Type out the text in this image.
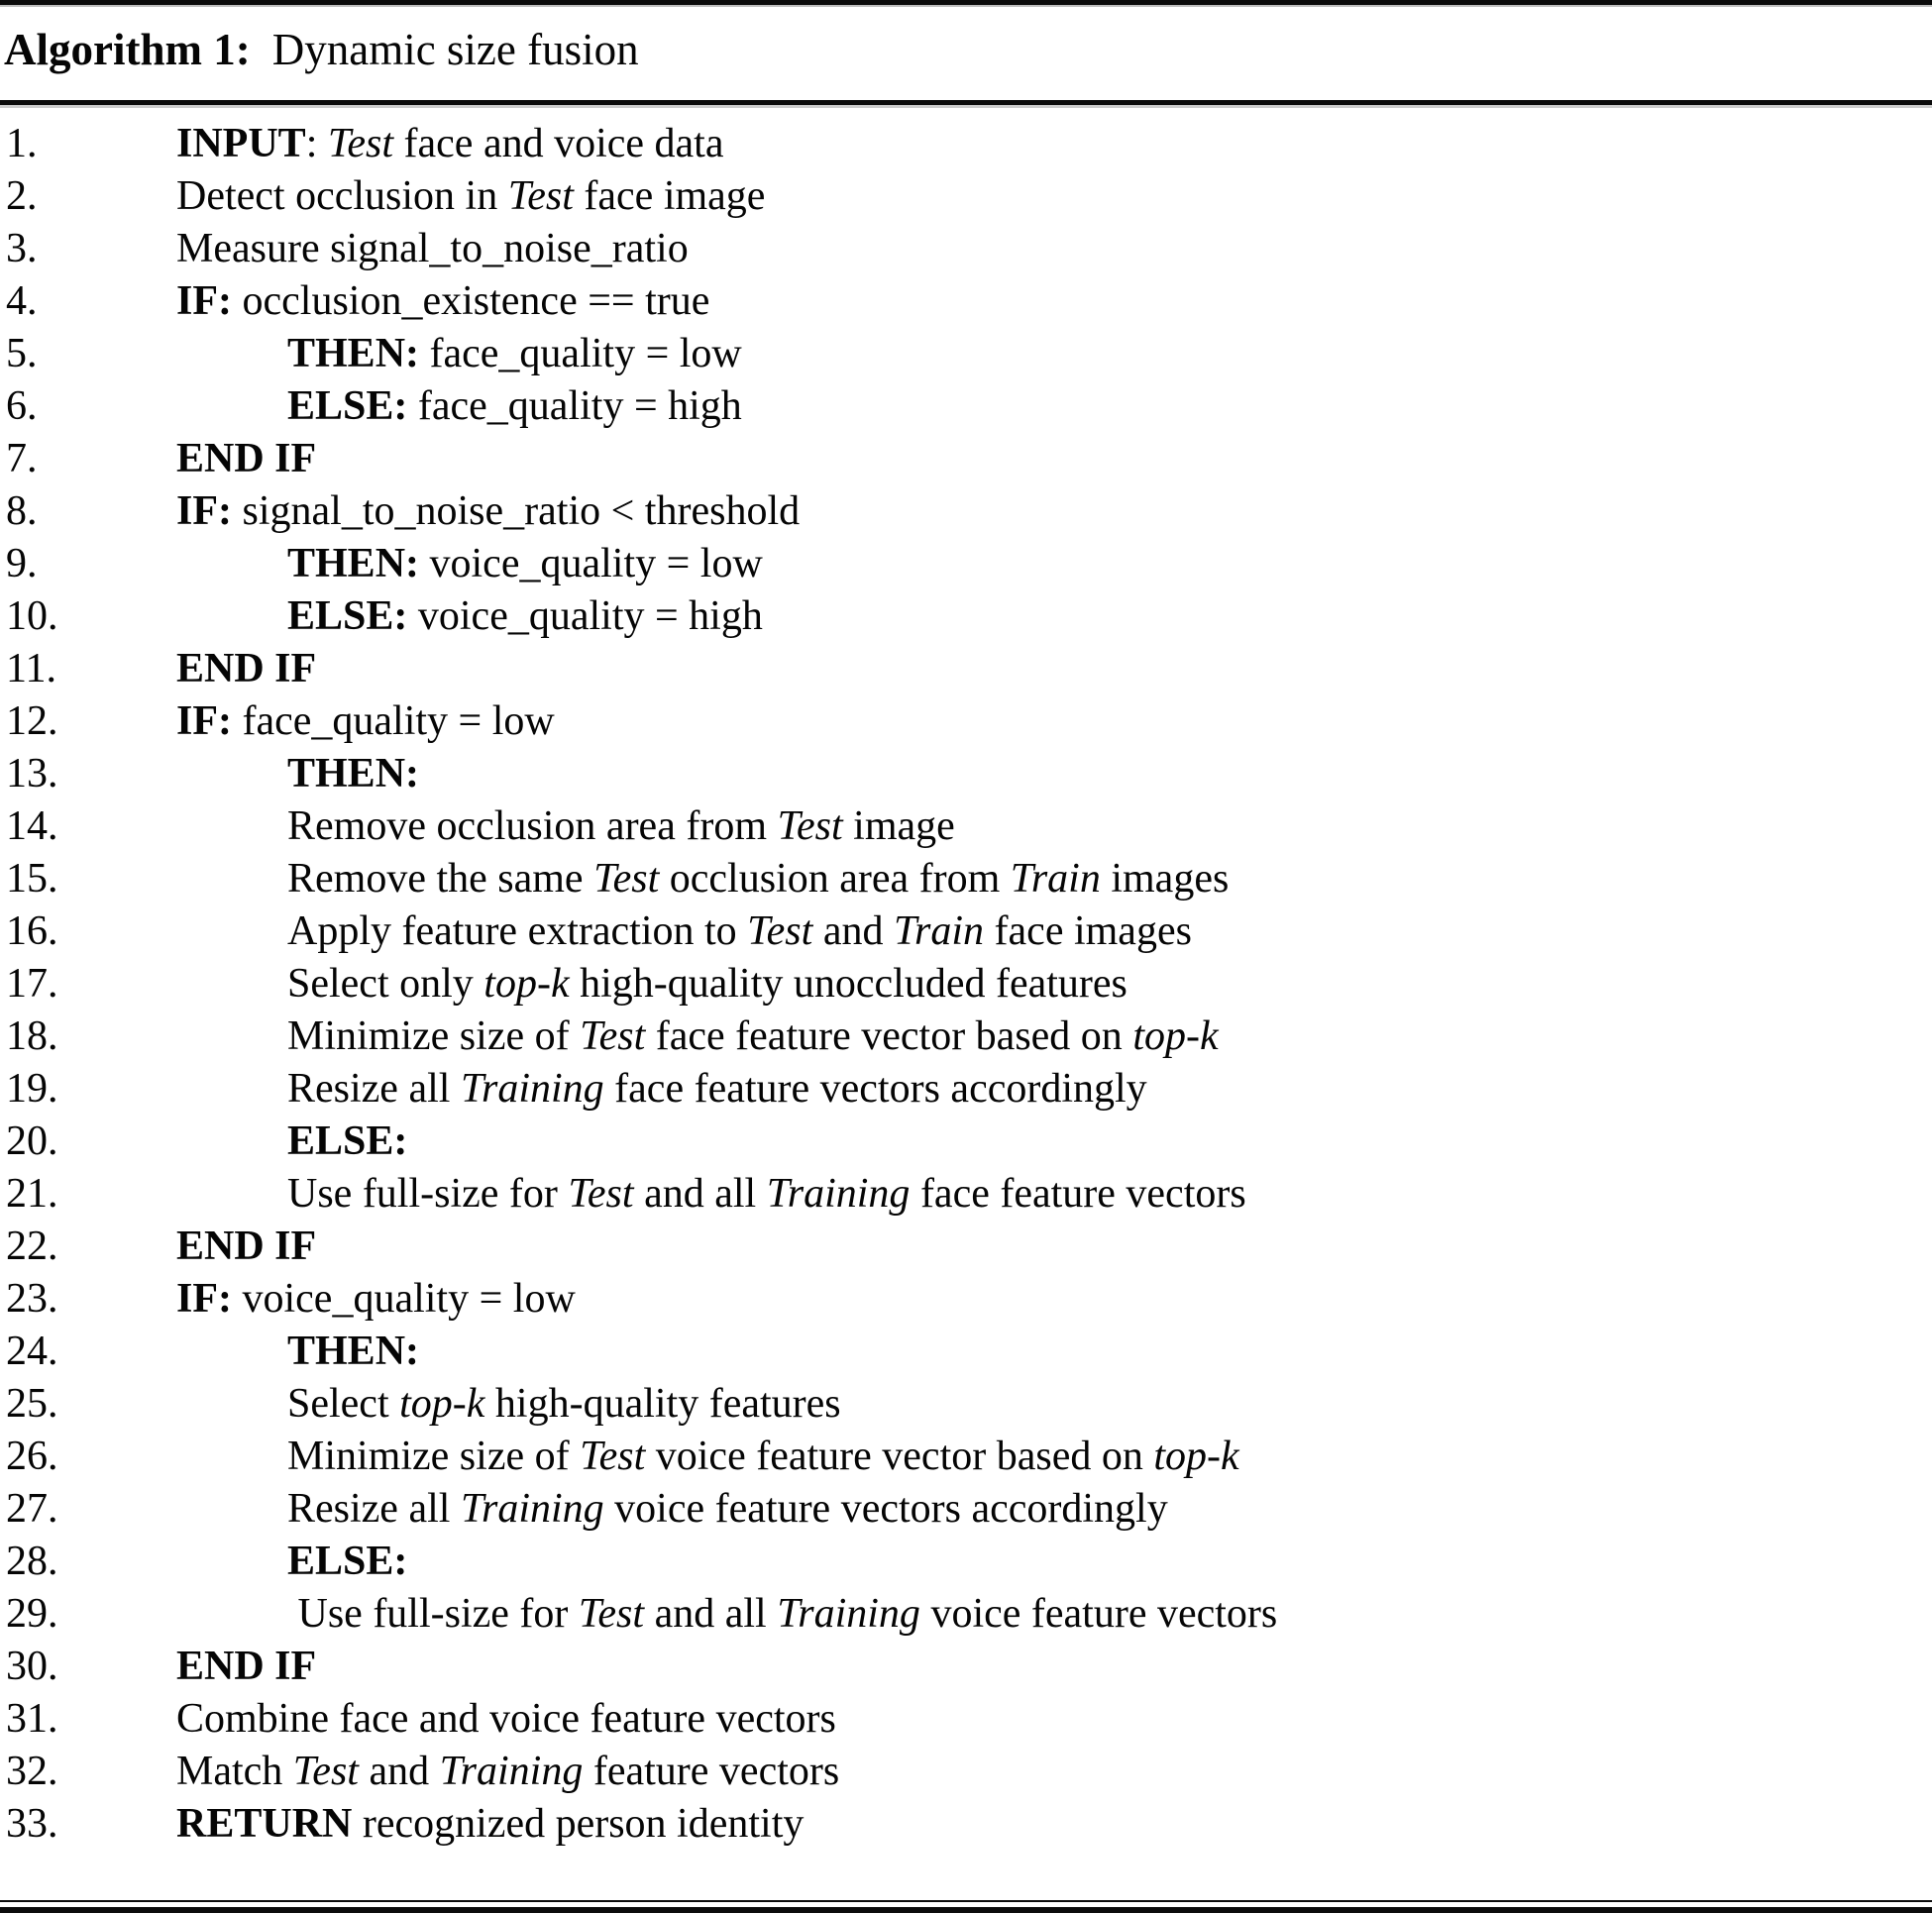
Algorithm 1: Dynamic size fusion
1.	INPUT: Test face and voice data
2.	Detect occlusion in Test face image
3.	Measure signal_to_noise_ratio
4.	IF: occlusion_existence == true
5.	THEN: face_quality = low
6.	ELSE: face_quality = high
7.	END IF
8.	IF: signal_to_noise_ratio < threshold
9.	THEN: voice_quality = low
10.	ELSE: voice_quality = high
11.	END IF
12.	IF: face_quality = low
13.	THEN:
14.	Remove occlusion area from Test image
15.	Remove the same Test occlusion area from Train images
16.	Apply feature extraction to Test and Train face images
17.	Select only top-k high-quality unoccluded features
18.	Minimize size of Test face feature vector based on top-k
19.	Resize all Training face feature vectors accordingly
20.	ELSE:
21.	Use full-size for Test and all Training face feature vectors
22.	END IF
23.	IF: voice_quality = low
24.	THEN:
25.	Select top-k high-quality features
26.	Minimize size of Test voice feature vector based on top-k
27.	Resize all Training voice feature vectors accordingly
28.	ELSE:
29.	Use full-size for Test and all Training voice feature vectors
30.	END IF
31.	Combine face and voice feature vectors
32.	Match Test and Training feature vectors
33.	RETURN recognized person identity
